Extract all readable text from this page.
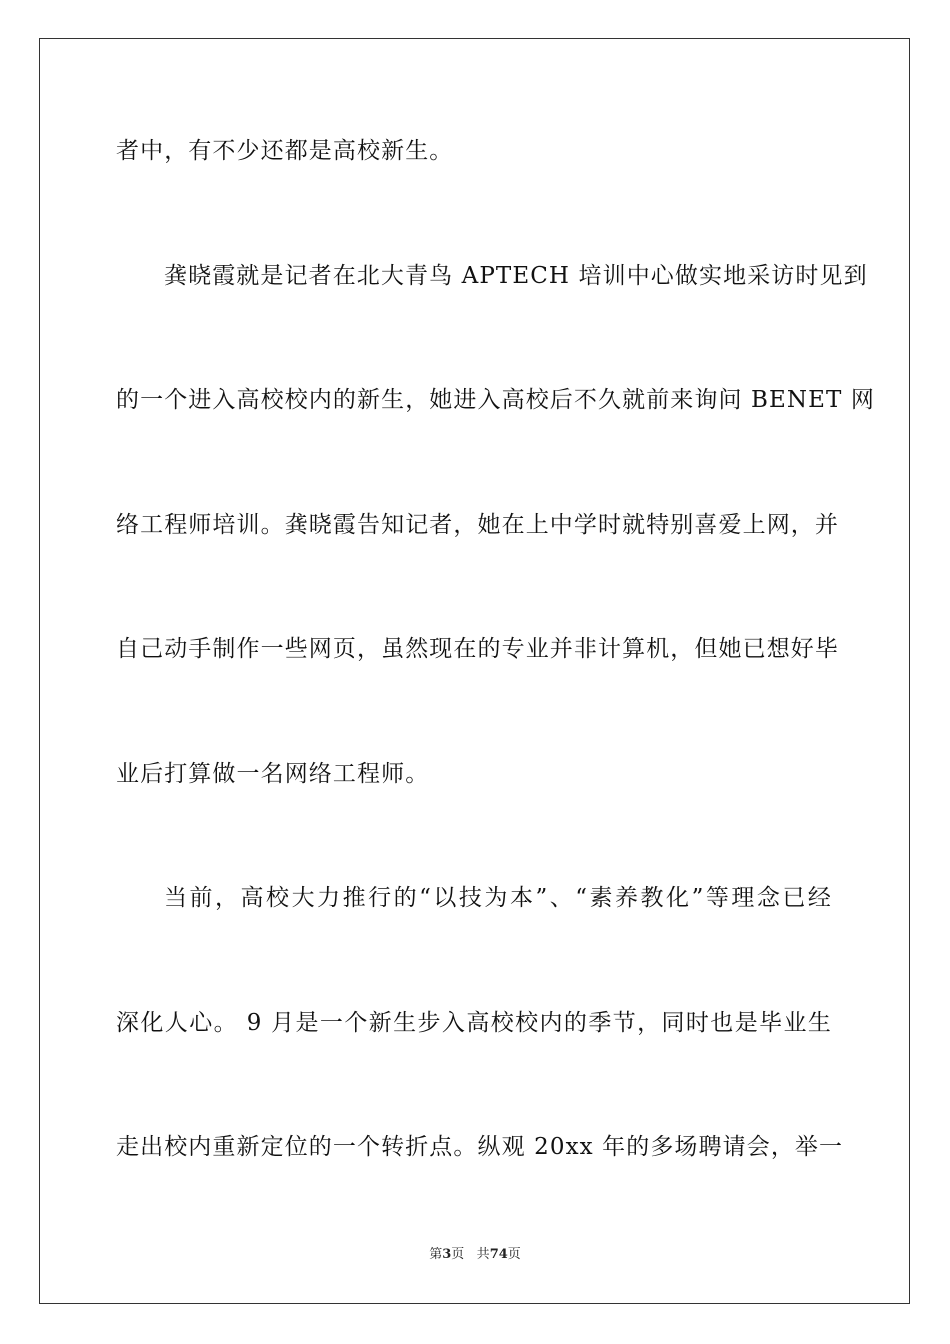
者中，有不少还都是高校新生。

龚晓霞就是记者在北大青鸟 APTECH 培训中心做实地采访时见到

的一个进入高校校内的新生，她进入高校后不久就前来询问 BENET 网

络工程师培训。龚晓霞告知记者，她在上中学时就特别喜爱上网，并

自己动手制作一些网页，虽然现在的专业并非计算机，但她已想好毕

业后打算做一名网络工程师。

当前，高校大力推行的“以技为本”、“素养教化”等理念已经

深化人心。 9 月是一个新生步入高校校内的季节，同时也是毕业生

走出校内重新定位的一个转折点。纵观 20xx 年的多场聘请会，举一

第3页 共74页
